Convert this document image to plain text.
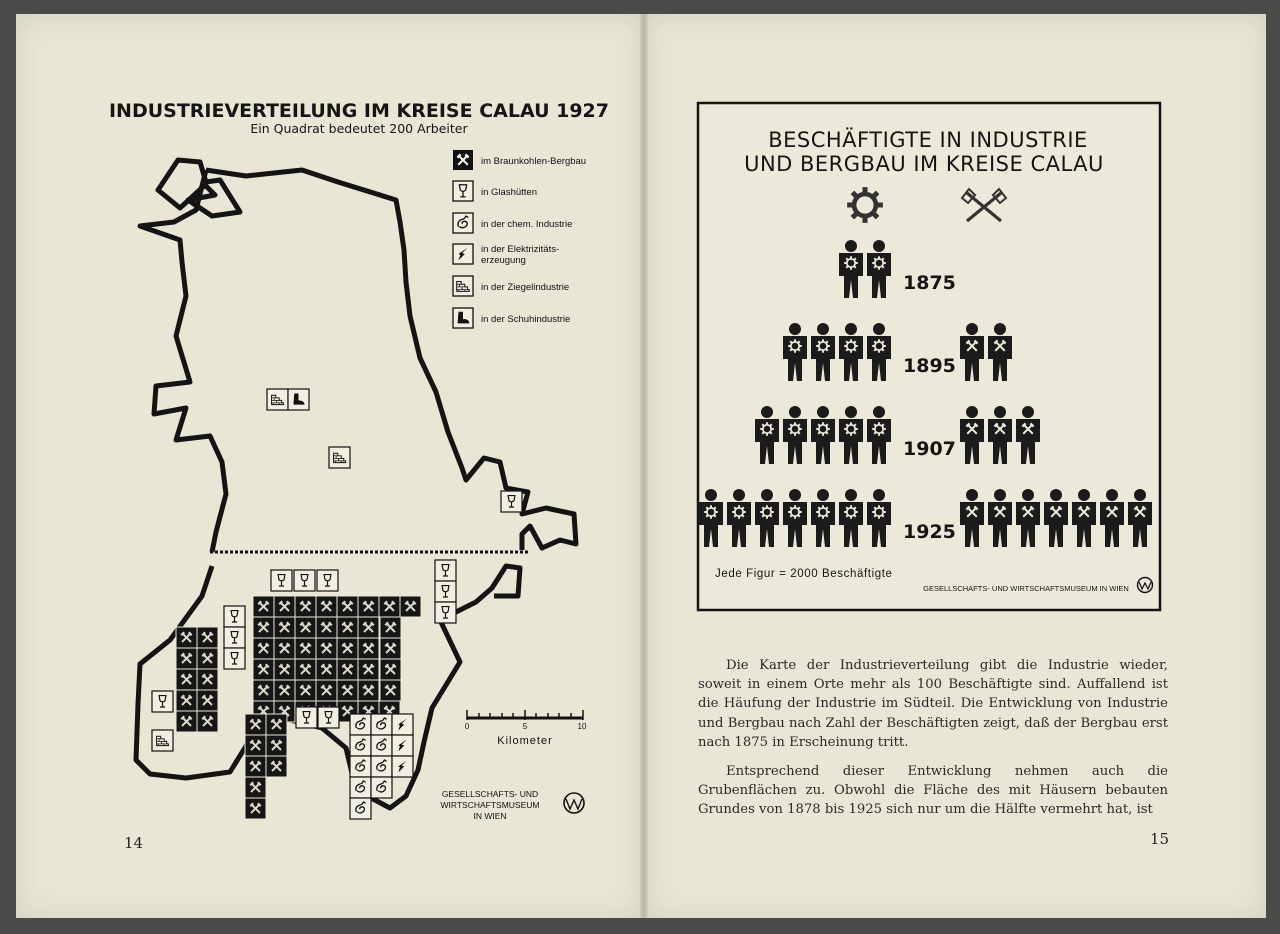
INDUSTRIEVERTEILUNG IM KREISE CALAU 1927
Ein Quadrat bedeutet 200 Arbeiter
im Braunkohlen-Bergbau
in Glashütten
in der chem. Industrie
in der Elektrizitäts-
erzeugung
in der Ziegelindustrie
in der Schuhindustrie
0	5	10
Kilometer
GESELLSCHAFTS- UND
WIRTSCHAFTSMUSEUM
IN WIEN
BESCHÄFTIGTE IN INDUSTRIE
UND BERGBAU IM KREISE CALAU
1875
1895
1907
1925
Jede Figur = 2000 Beschäftigte
GESELLSCHAFTS- UND WIRTSCHAFTSMUSEUM IN WIEN

Die Karte der Industrieverteilung gibt die Industrie wieder, soweit in einem Orte mehr als 100 Beschäftigte sind. Auffallend ist die Häufung der Industrie im Südteil. Die Entwicklung von Industrie und Bergbau nach Zahl der Beschäftigten zeigt, daß der Bergbau erst nach 1875 in Erscheinung tritt.

Entsprechend dieser Entwicklung nehmen auch die Grubenflächen zu. Obwohl die Fläche des mit Häusern bebauten Grundes von 1878 bis 1925 sich nur um die Hälfte vermehrt hat, ist

14	15
